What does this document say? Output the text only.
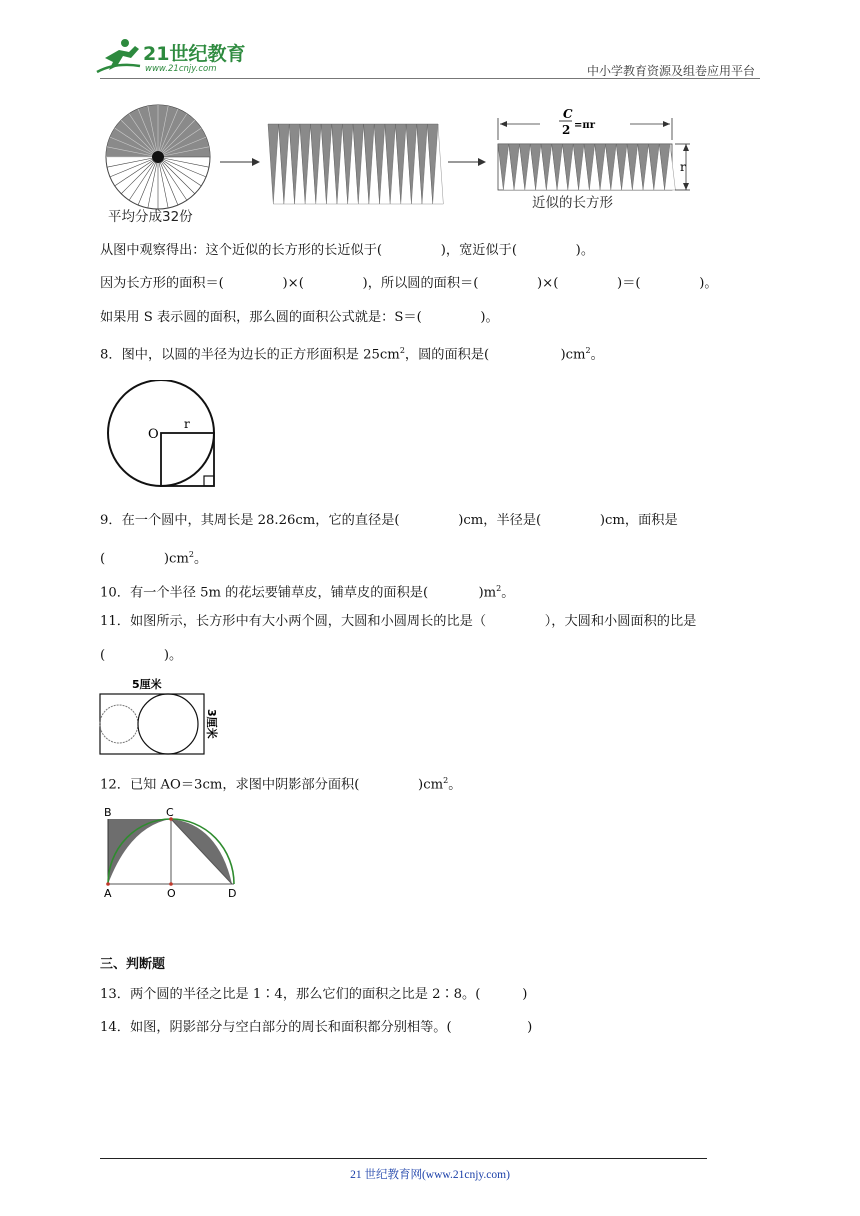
21世纪教育
www.21cnjy.com	中小学教育资源及组卷应用平台
平均分成32份
C
2 =πr
r
近似的长方形
从图中观察得出：这个近似的长方形的长近似于(              )，宽近似于(              )。
因为长方形的面积＝(              )×(              )，所以圆的面积＝(              )×(              )＝(              )。
如果用 S 表示圆的面积，那么圆的面积公式就是：S＝(              )。
8．图中，以圆的半径为边长的正方形面积是 $25cm^2$，圆的面积是(                 )$cm^2$。
O
r
9．在一个圆中，其周长是 28.26cm，它的直径是(              )cm，半径是(              )cm，面积是
(              )$cm^2$。
10．有一个半径 5m 的花坛要铺草皮，铺草皮的面积是(            )$m^2$。
11．如图所示，长方形中有大小两个圆，大圆和小圆周长的比是（              ），大圆和小圆面积的比是
(              )。
5厘米
3厘米
12．已知 AO＝3cm，求图中阴影部分面积(              )$cm^2$。
B	C
A	O	D
三、判断题
13．两个圆的半径之比是 1∶4，那么它们的面积之比是 2∶8。(          )
14．如图，阴影部分与空白部分的周长和面积都分别相等。(                  )
21 世纪教育网(www.21cnjy.com)
